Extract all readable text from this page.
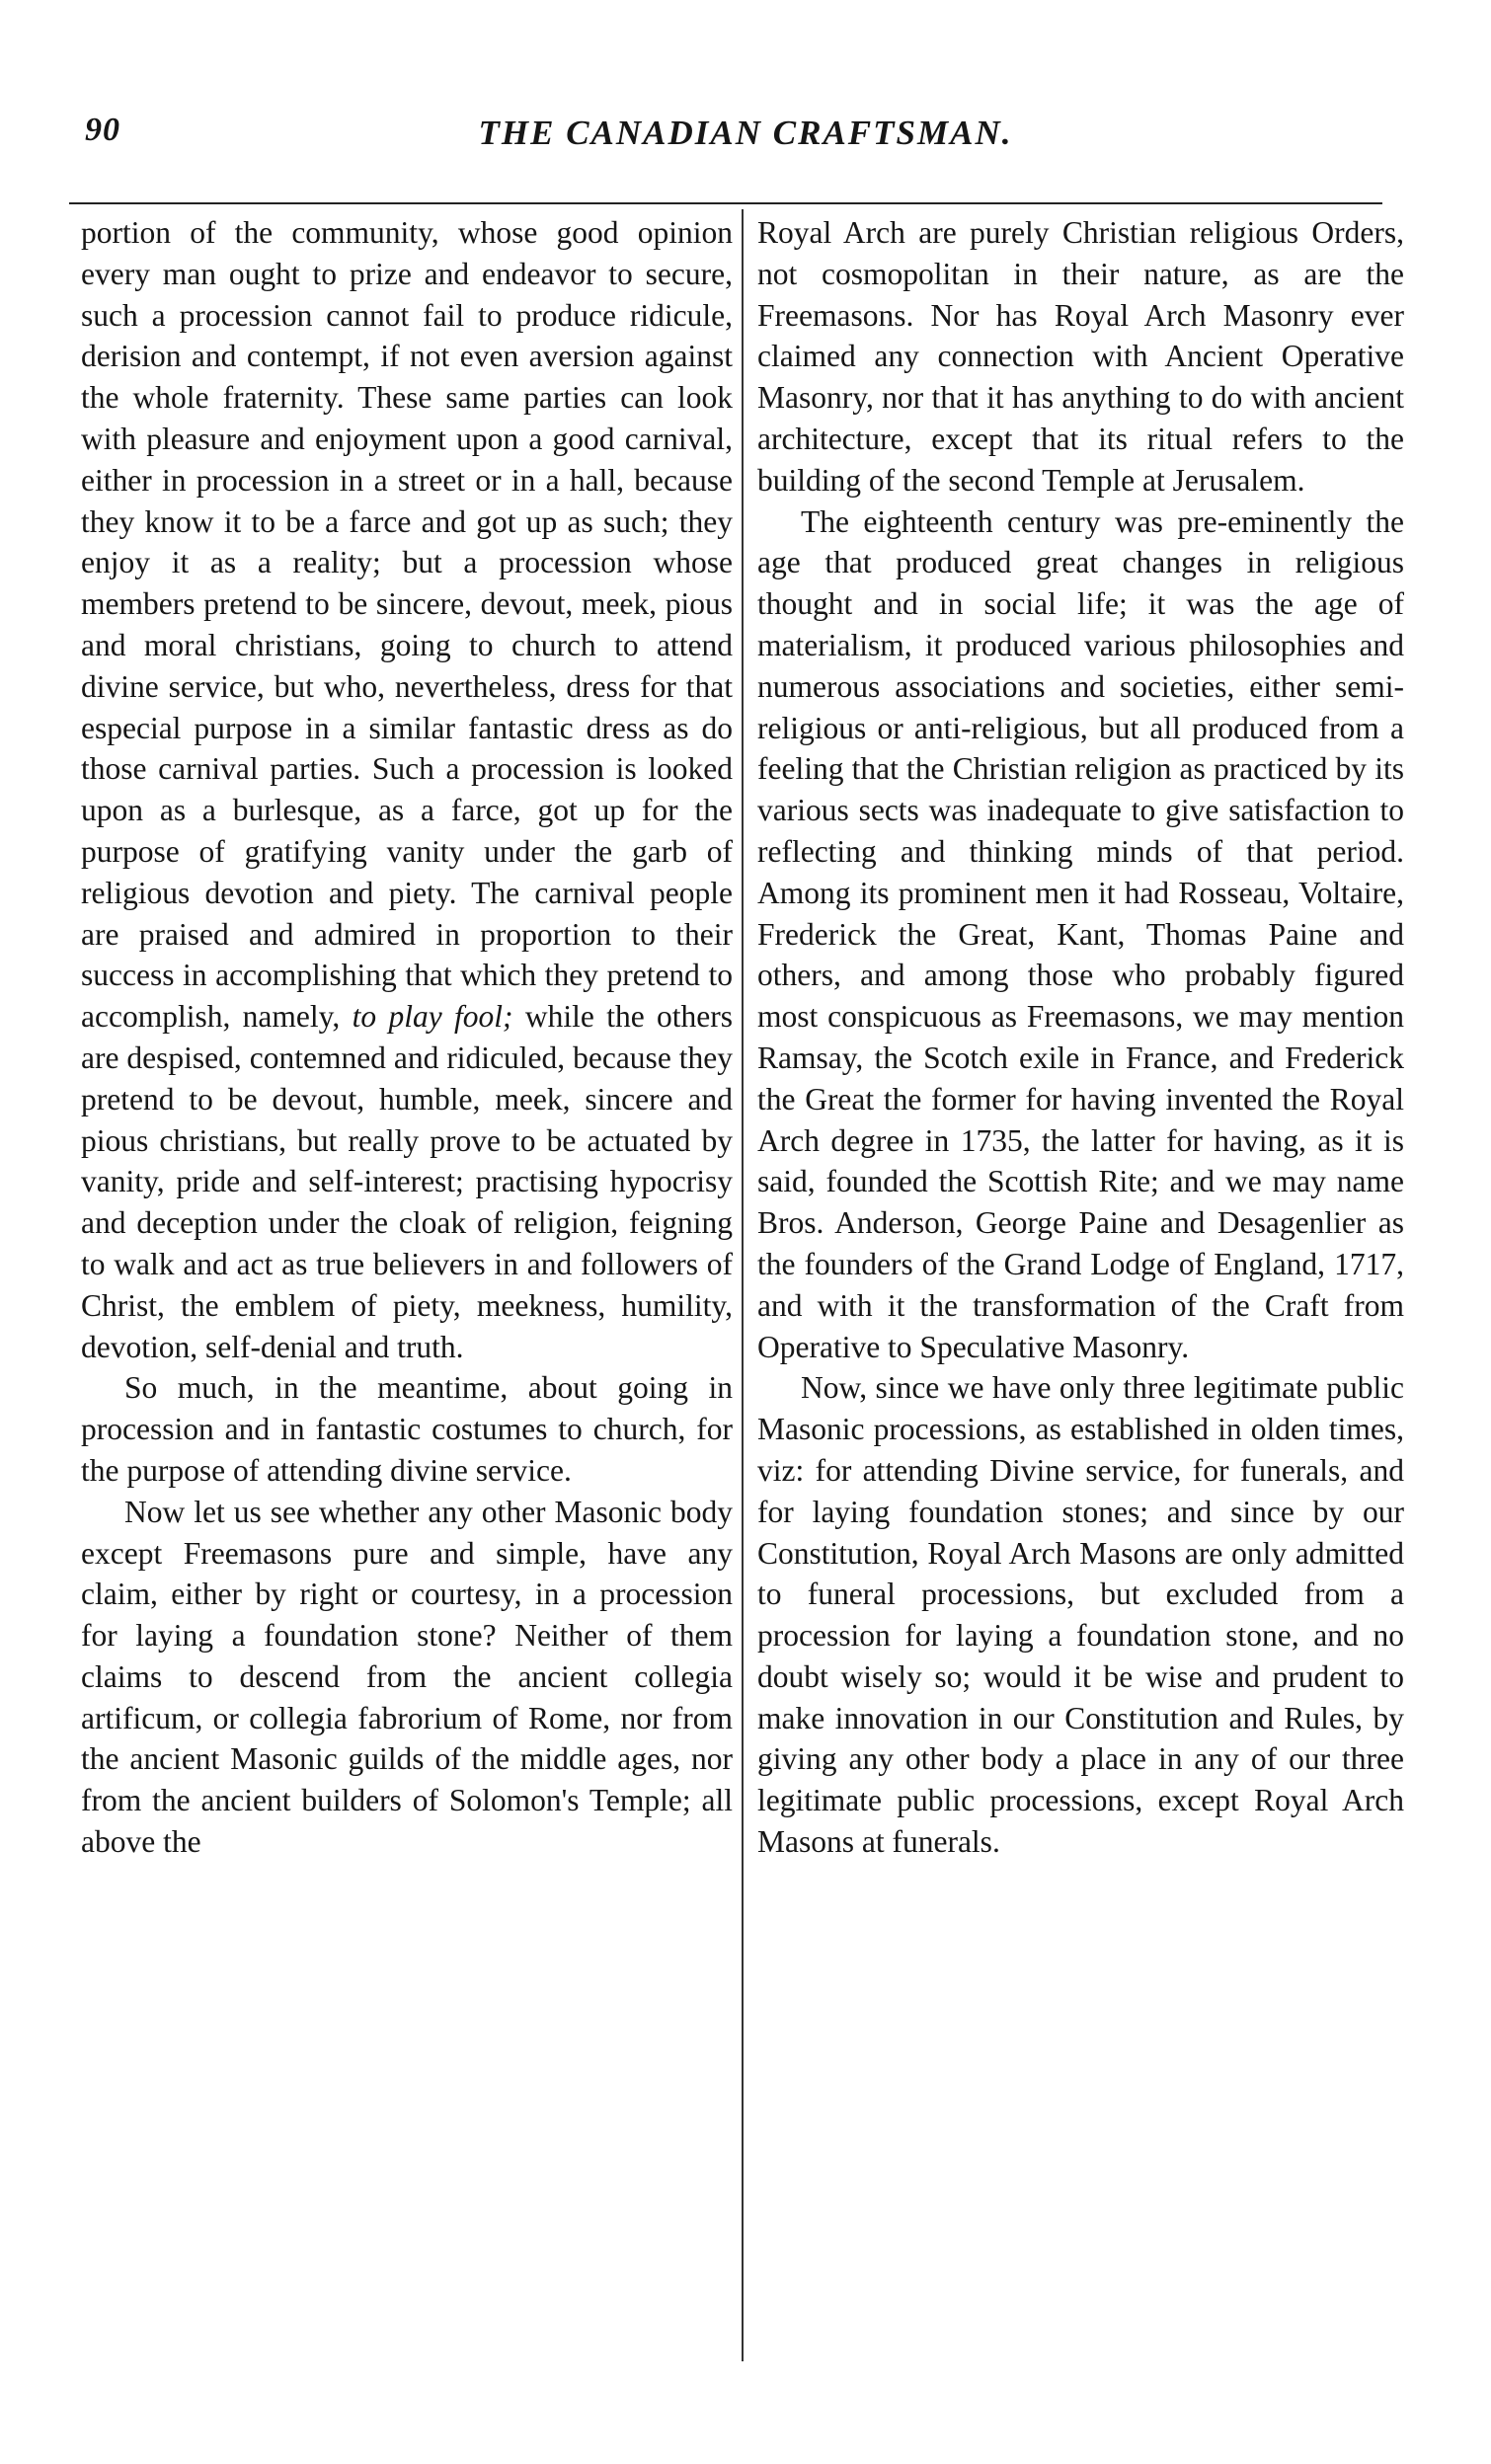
90	THE CANADIAN CRAFTSMAN.

portion of the community, whose good opinion every man ought to prize and endeavor to secure, such a procession cannot fail to produce ridicule, derision and contempt, if not even aversion against the whole fraternity. These same parties can look with pleasure and enjoyment upon a good carnival, either in procession in a street or in a hall, because they know it to be a farce and got up as such; they enjoy it as a reality; but a procession whose members pretend to be sincere, devout, meek, pious and moral christians, going to church to attend divine service, but who, nevertheless, dress for that especial purpose in a similar fantastic dress as do those carnival parties. Such a procession is looked upon as a burlesque, as a farce, got up for the purpose of gratifying vanity under the garb of religious devotion and piety. The carnival people are praised and admired in proportion to their success in accomplishing that which they pretend to accomplish, namely, to play fool; while the others are despised, contemned and ridiculed, because they pretend to be devout, humble, meek, sincere and pious christians, but really prove to be actuated by vanity, pride and self-interest; practising hypocrisy and deception under the cloak of religion, feigning to walk and act as true believers in and followers of Christ, the emblem of piety, meekness, humility, devotion, self-denial and truth.

So much, in the meantime, about going in procession and in fantastic costumes to church, for the purpose of attending divine service.

Now let us see whether any other Masonic body except Freemasons pure and simple, have any claim, either by right or courtesy, in a procession for laying a foundation stone? Neither of them claims to descend from the ancient collegia artificum, or collegia fabrorium of Rome, nor from the ancient Masonic guilds of the middle ages, nor from the ancient builders of Solomon's Temple; all above the

Royal Arch are purely Christian religious Orders, not cosmopolitan in their nature, as are the Freemasons. Nor has Royal Arch Masonry ever claimed any connection with Ancient Operative Masonry, nor that it has anything to do with ancient architecture, except that its ritual refers to the building of the second Temple at Jerusalem.

The eighteenth century was pre-eminently the age that produced great changes in religious thought and in social life; it was the age of materialism, it produced various philosophies and numerous associations and societies, either semi-religious or anti-religious, but all produced from a feeling that the Christian religion as practiced by its various sects was inadequate to give satisfaction to reflecting and thinking minds of that period. Among its prominent men it had Rosseau, Voltaire, Frederick the Great, Kant, Thomas Paine and others, and among those who probably figured most conspicuous as Freemasons, we may mention Ramsay, the Scotch exile in France, and Frederick the Great the former for having invented the Royal Arch degree in 1735, the latter for having, as it is said, founded the Scottish Rite; and we may name Bros. Anderson, George Paine and Desagenlier as the founders of the Grand Lodge of England, 1717, and with it the transformation of the Craft from Operative to Speculative Masonry.

Now, since we have only three legitimate public Masonic processions, as established in olden times, viz: for attending Divine service, for funerals, and for laying foundation stones; and since by our Constitution, Royal Arch Masons are only admitted to funeral processions, but excluded from a procession for laying a foundation stone, and no doubt wisely so; would it be wise and prudent to make innovation in our Constitution and Rules, by giving any other body a place in any of our three legitimate public processions, except Royal Arch Masons at funerals.
